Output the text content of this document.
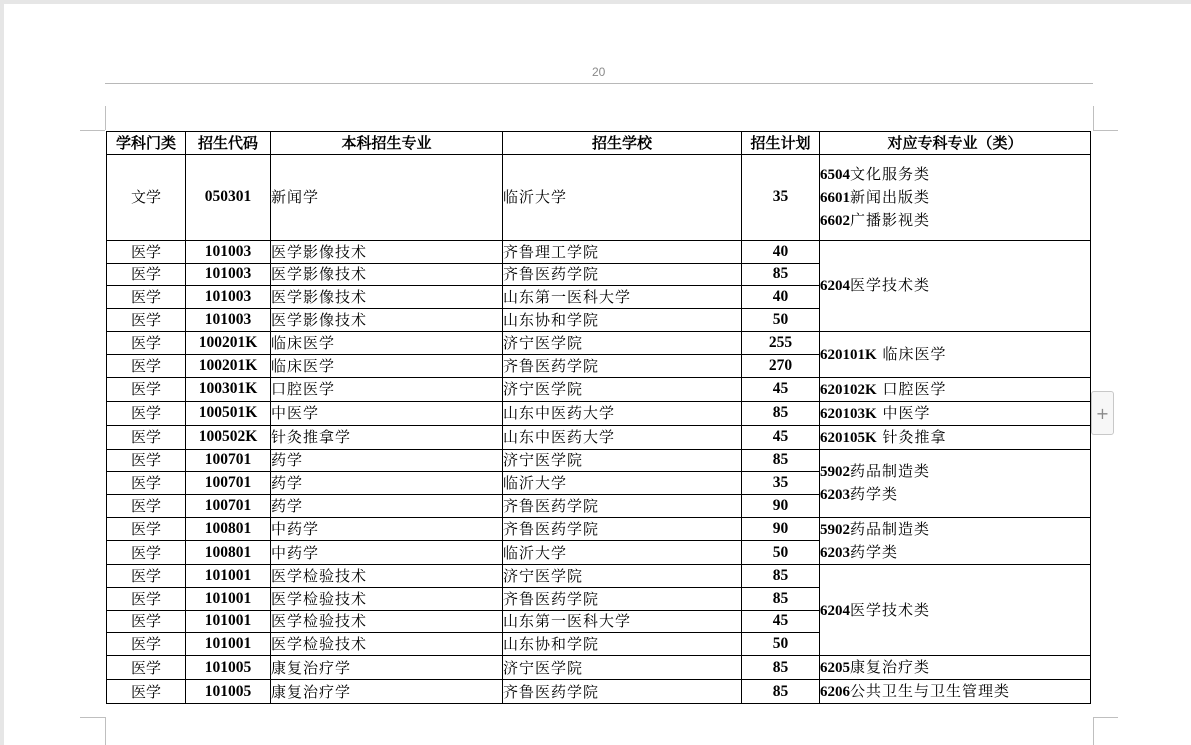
20
学科门类	招生代码	本科招生专业	招生学校	招生计划	对应专科专业（类）
文学	050301	新闻学	临沂大学	35	6504文化服务类
6601新闻出版类
6602广播影视类

医学	101003	医学影像技术	齐鲁理工学院	40	6204医学技术类

医学	101003	医学影像技术	齐鲁医药学院	85	
医学	101003	医学影像技术	山东第一医科大学	40	
医学	101003	医学影像技术	山东协和学院	50	
医学	100201K	临床医学	济宁医学院	255	620101K 临床医学

医学	100201K	临床医学	齐鲁医药学院	270	
医学	100301K	口腔医学	济宁医学院	45	620102K 口腔医学

医学	100501K	中医学	山东中医药大学	85	620103K 中医学

医学	100502K	针灸推拿学	山东中医药大学	45	620105K 针灸推拿

医学	100701	药学	济宁医学院	85	5902药品制造类
6203药学类

医学	100701	药学	临沂大学	35	
医学	100701	药学	齐鲁医药学院	90	
医学	100801	中药学	齐鲁医药学院	90	5902药品制造类
6203药学类

医学	100801	中药学	临沂大学	50	
医学	101001	医学检验技术	济宁医学院	85	6204医学技术类

医学	101001	医学检验技术	齐鲁医药学院	85	
医学	101001	医学检验技术	山东第一医科大学	45	
医学	101001	医学检验技术	山东协和学院	50	
医学	101005	康复治疗学	济宁医学院	85	6205康复治疗类

医学	101005	康复治疗学	齐鲁医药学院	85	6206公共卫生与卫生管理类
+
